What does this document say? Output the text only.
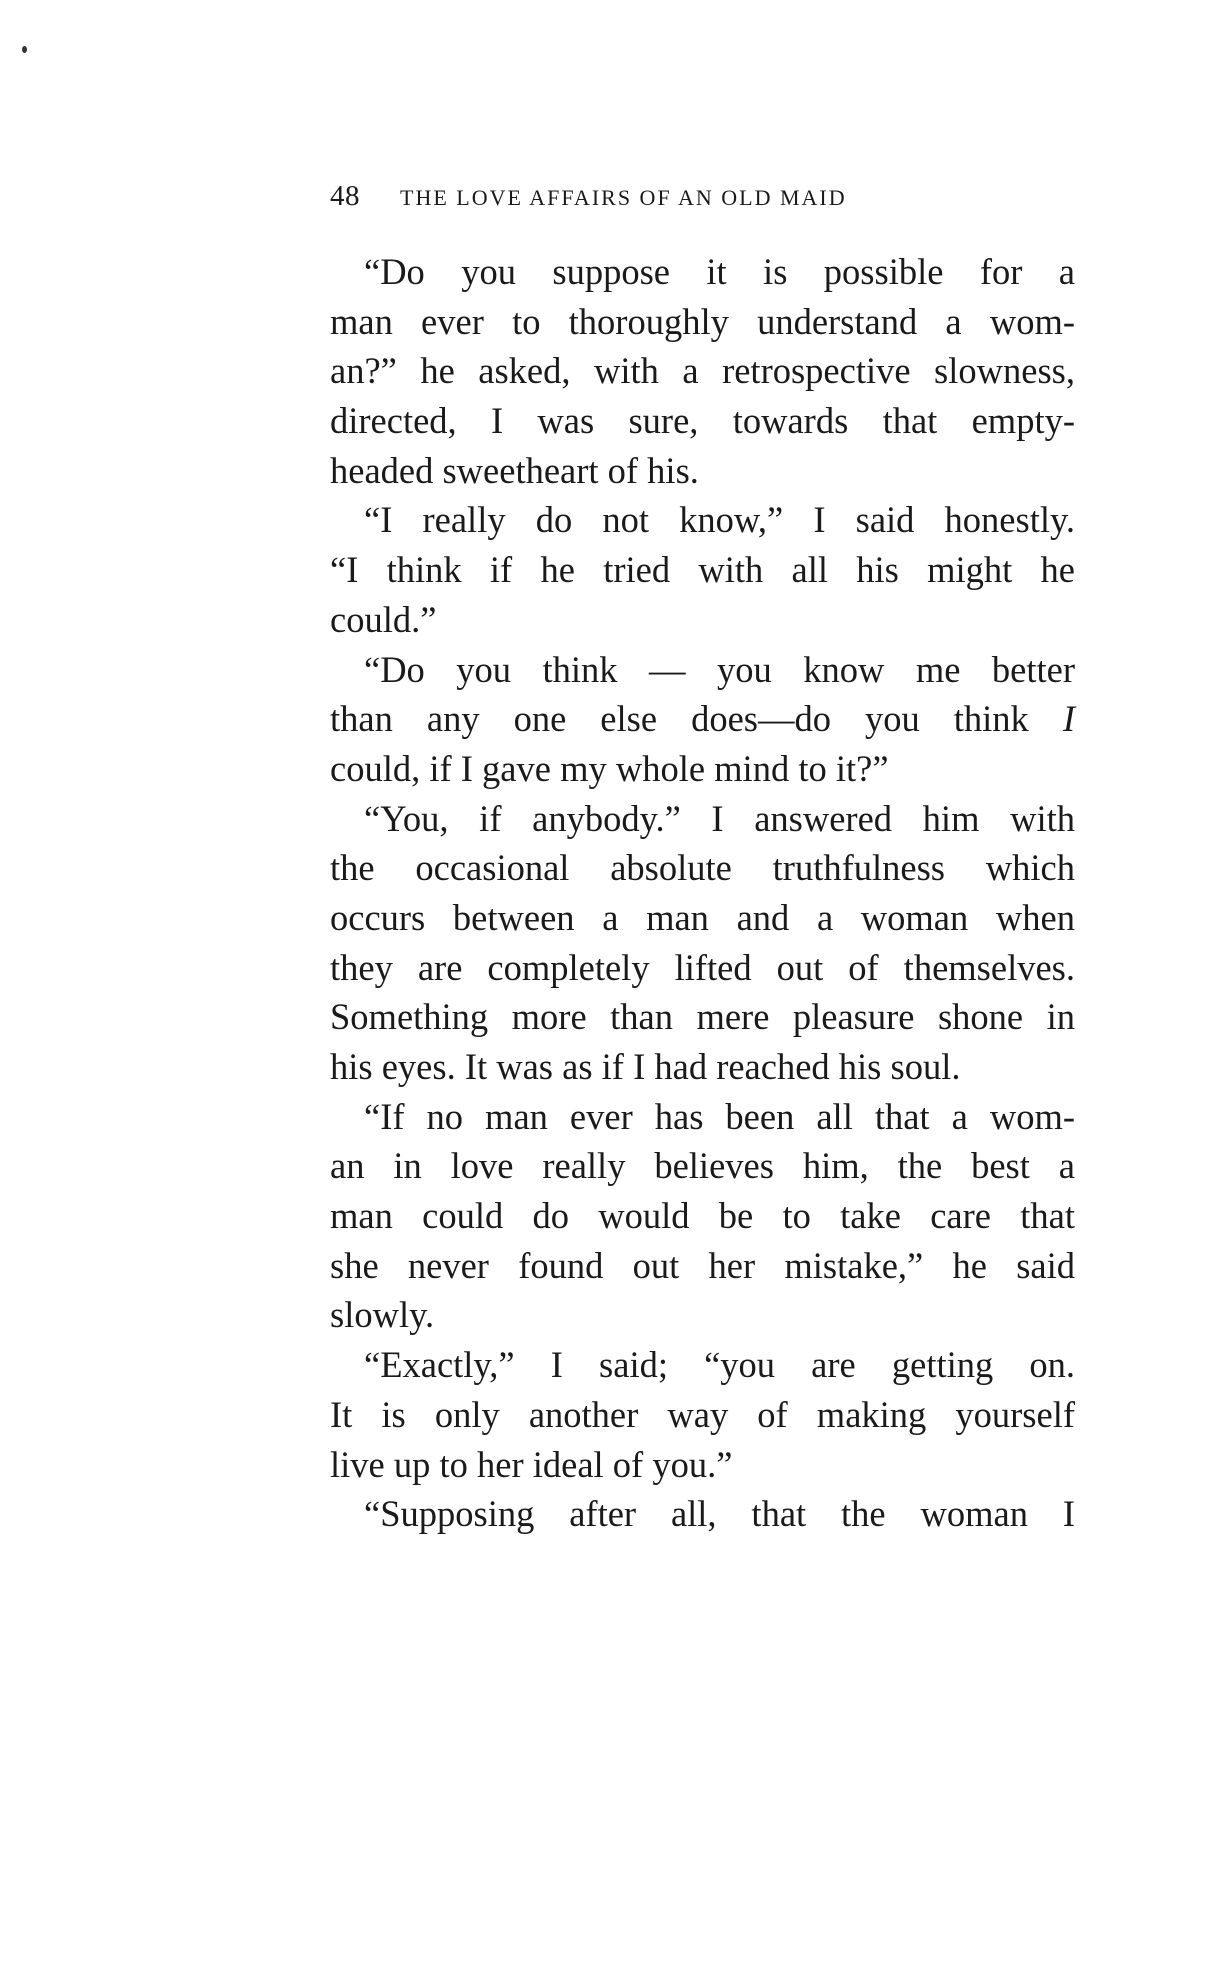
48	THE LOVE AFFAIRS OF AN OLD MAID
“Do you suppose it is possible for a
man ever to thoroughly understand a wom-
an?” he asked, with a retrospective slowness,
directed, I was sure, towards that empty-
headed sweetheart of his.
“I really do not know,” I said honestly.
“I think if he tried with all his might he
could.”
“Do you think — you know me better
than any one else does—do you think I
could, if I gave my whole mind to it?”
“You, if anybody.” I answered him with
the occasional absolute truthfulness which
occurs between a man and a woman when
they are completely lifted out of themselves.
Something more than mere pleasure shone in
his eyes. It was as if I had reached his soul.
“If no man ever has been all that a wom-
an in love really believes him, the best a
man could do would be to take care that
she never found out her mistake,” he said
slowly.
“Exactly,” I said; “you are getting on.
It is only another way of making yourself
live up to her ideal of you.”
“Supposing after all, that the woman I
